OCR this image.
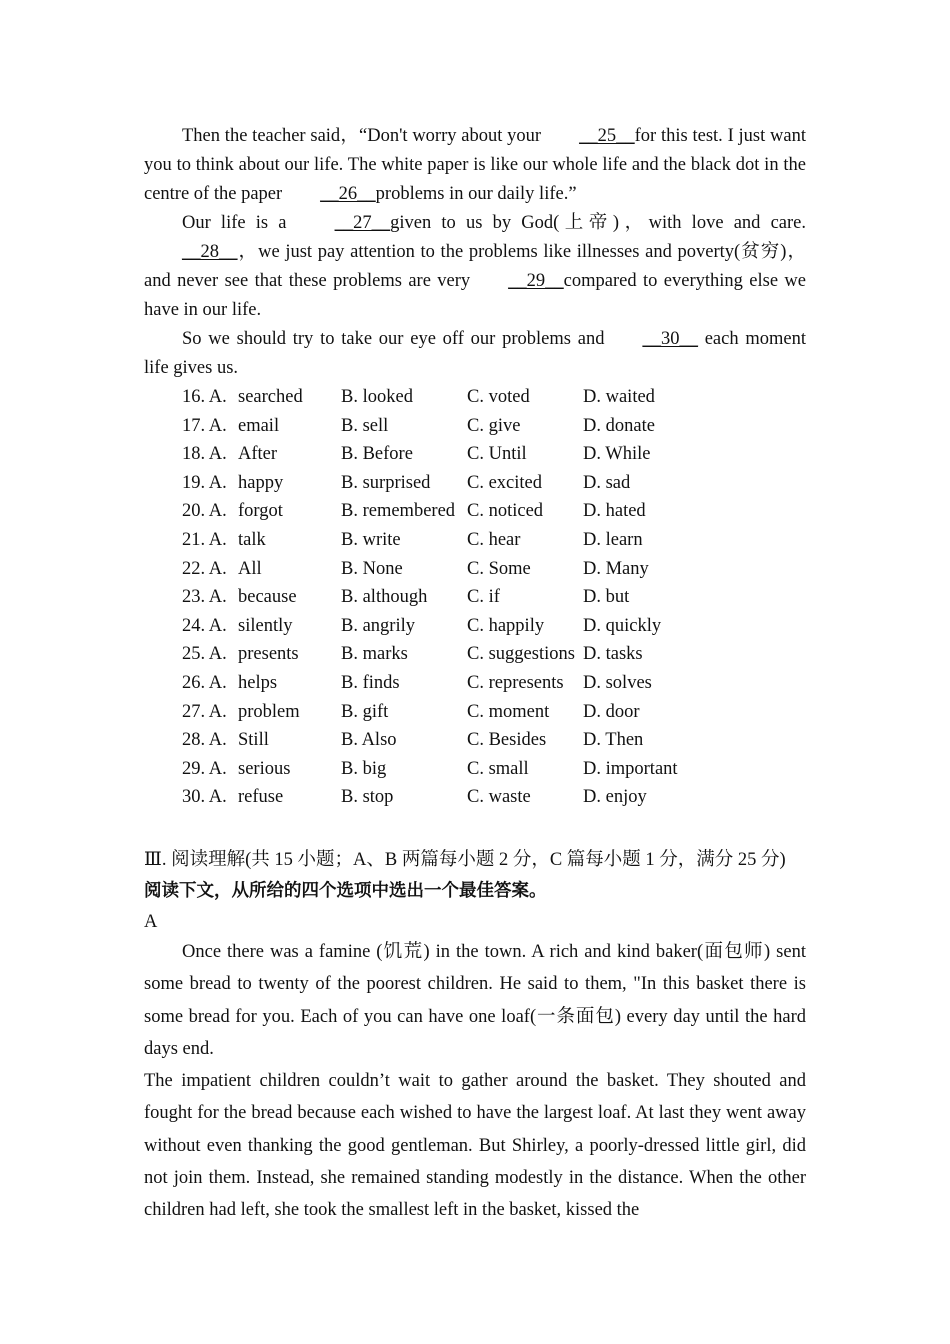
Then the teacher said，“Don't worry about your __25__for this test. I just want you to think about our life. The white paper is like our whole life and the black dot in the centre of the paper __26__problems in our daily life.”

Our life is a __27__given to us by God(上帝)，with love and care. __28__，we just pay attention to the problems like illnesses and poverty(贫穷)，and never see that these problems are very __29__compared to everything else we have in our life.

So we should try to take our eye off our problems and __30__ each moment life gives us.

16. A. searched	B. looked	C. voted	D. waited
17. A. email	B. sell	C. give	D. donate
18. A. After	B. Before	C. Until	D. While
19. A. happy	B. surprised	C. excited	D. sad
20. A. forgot	B. remembered C. noticed	D. hated
21. A. talk	B. write	C. hear	D. learn
22. A. All	B. None	C. Some	D. Many
23. A. because	B. although	C. if	D. but
24. A. silently	B. angrily	C. happily	D. quickly
25. A. presents	B. marks	C. suggestions D. tasks
26. A. helps	B. finds	C. represents	D. solves
27. A. problem	B. gift	C. moment	D. door
28. A. Still	B. Also	C. Besides	D. Then
29. A. serious	B. big	C. small	D. important
30. A. refuse	B. stop	C. waste	D. enjoy

Ⅲ. 阅读理解(共 15 小题；A、B 两篇每小题 2 分，C 篇每小题 1 分，满分 25 分)

阅读下文，从所给的四个选项中选出一个最佳答案。

A

Once there was a famine (饥荒) in the town. A rich and kind baker(面包师) sent some bread to twenty of the poorest children. He said to them, "In this basket there is some bread for you. Each of you can have one loaf(一条面包) every day until the hard days end.

The impatient children couldn’t wait to gather around the basket. They shouted and fought for the bread because each wished to have the largest loaf. At last they went away without even thanking the good gentleman. But Shirley, a poorly-dressed little girl, did not join them. Instead, she remained standing modestly in the distance. When the other children had left, she took the smallest left in the basket, kissed the
